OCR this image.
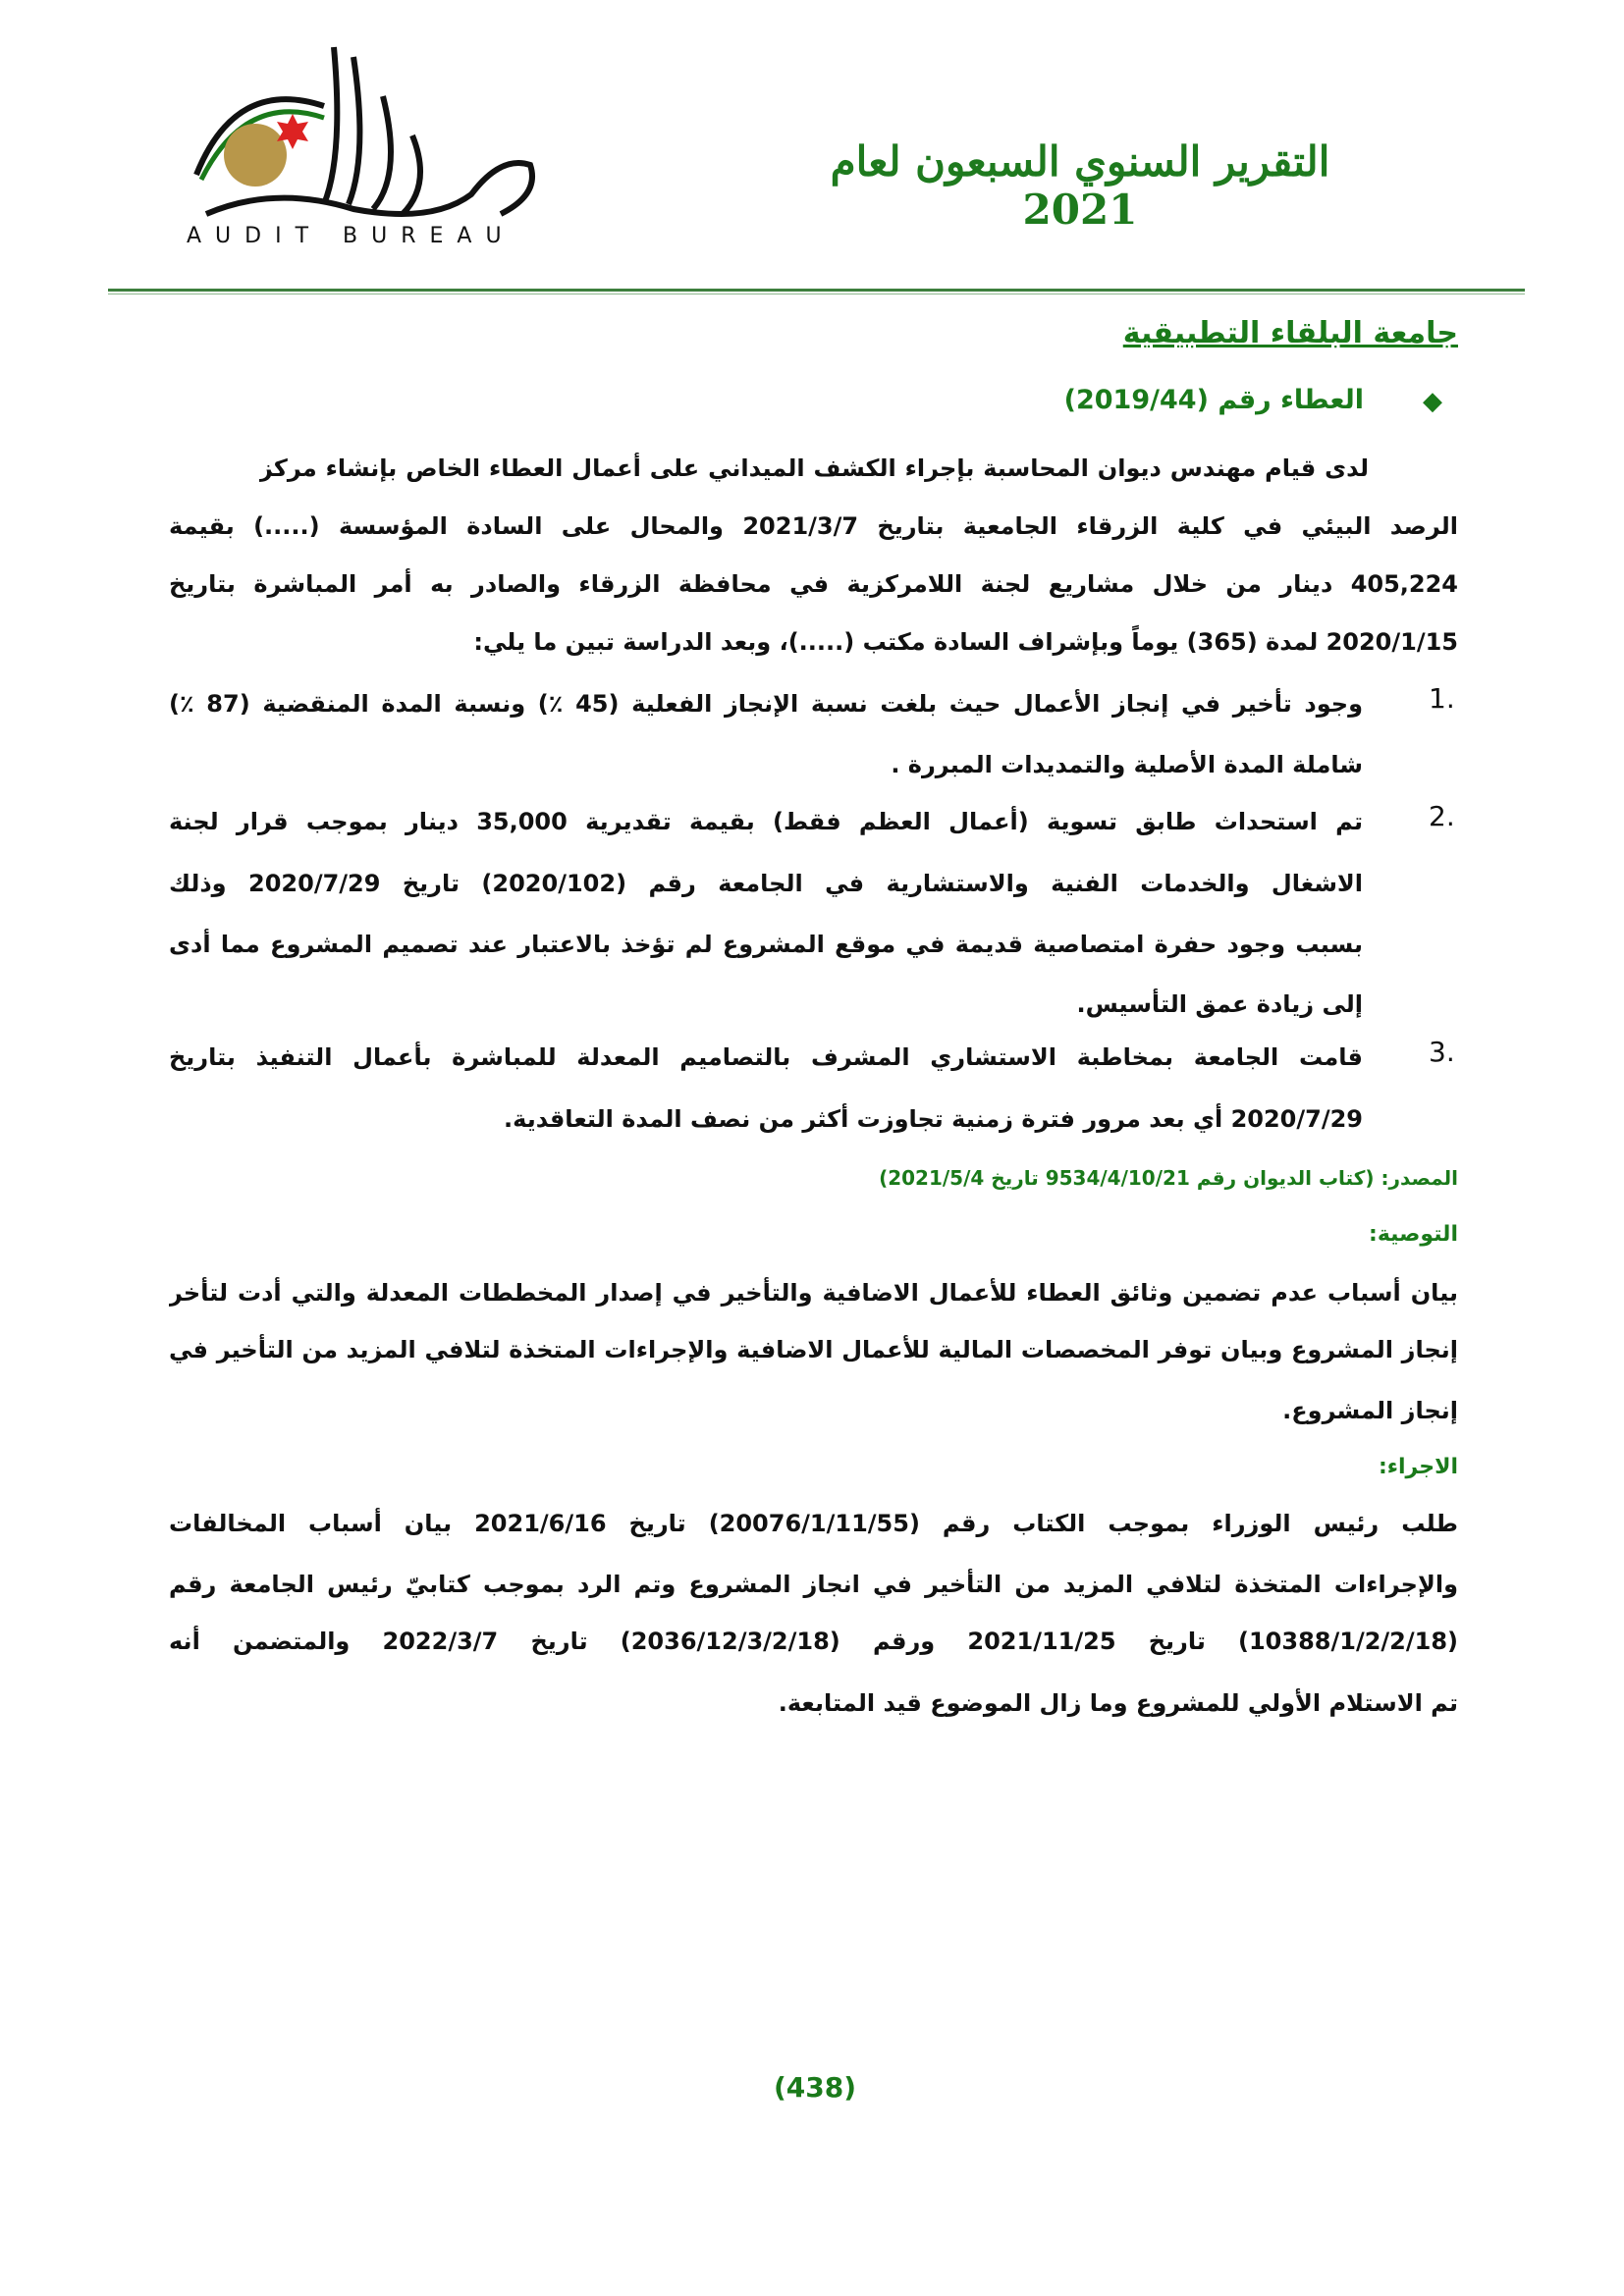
AUDIT BUREAU
التقرير السنوي السبعون لعام 2021
جامعة البلقاء التطبيقية
◆
العطاء رقم (2019/44)
لدى قيام مهندس ديوان المحاسبة بإجراء الكشف الميداني على أعمال العطاء الخاص بإنشاء مركز
الرصد البيئي في كلية الزرقاء الجامعية بتاريخ 2021/3/7 والمحال على السادة المؤسسة (.....) بقيمة
405,224 دينار من خلال مشاريع لجنة اللامركزية في محافظة الزرقاء والصادر به أمر المباشرة بتاريخ
2020/1/15 لمدة (365) يوماً وبإشراف السادة مكتب (.....)، وبعد الدراسة تبين ما يلي:
1.
وجود تأخير في إنجاز الأعمال حيث بلغت نسبة الإنجاز الفعلية (45 ٪) ونسبة المدة المنقضية (87 ٪)
شاملة المدة الأصلية والتمديدات المبررة .
2.
تم استحداث طابق تسوية (أعمال العظم فقط) بقيمة تقديرية 35,000 دينار بموجب قرار لجنة
الاشغال والخدمات الفنية والاستشارية في الجامعة رقم (2020/102) تاريخ 2020/7/29 وذلك
بسبب وجود حفرة امتصاصية قديمة في موقع المشروع لم تؤخذ بالاعتبار عند تصميم المشروع مما أدى
إلى زيادة عمق التأسيس.
3.
قامت الجامعة بمخاطبة الاستشاري المشرف بالتصاميم المعدلة للمباشرة بأعمال التنفيذ بتاريخ
2020/7/29 أي بعد مرور فترة زمنية تجاوزت أكثر من نصف المدة التعاقدية.
المصدر: (كتاب الديوان رقم 9534/4/10/21 تاريخ 2021/5/4)
التوصية:
بيان أسباب عدم تضمين وثائق العطاء للأعمال الاضافية والتأخير في إصدار المخططات المعدلة والتي أدت لتأخر
إنجاز المشروع وبيان توفر المخصصات المالية للأعمال الاضافية والإجراءات المتخذة لتلافي المزيد من التأخير في
إنجاز المشروع.
الاجراء:
طلب رئيس الوزراء بموجب الكتاب رقم (20076/1/11/55) تاريخ 2021/6/16 بيان أسباب المخالفات
والإجراءات المتخذة لتلافي المزيد من التأخير في انجاز المشروع وتم الرد بموجب كتابيّ رئيس الجامعة رقم
(10388/1/2/2/18) تاريخ 2021/11/25 ورقم (2036/12/3/2/18) تاريخ 2022/3/7 والمتضمن أنه
تم الاستلام الأولي للمشروع وما زال الموضوع قيد المتابعة.
(438)
